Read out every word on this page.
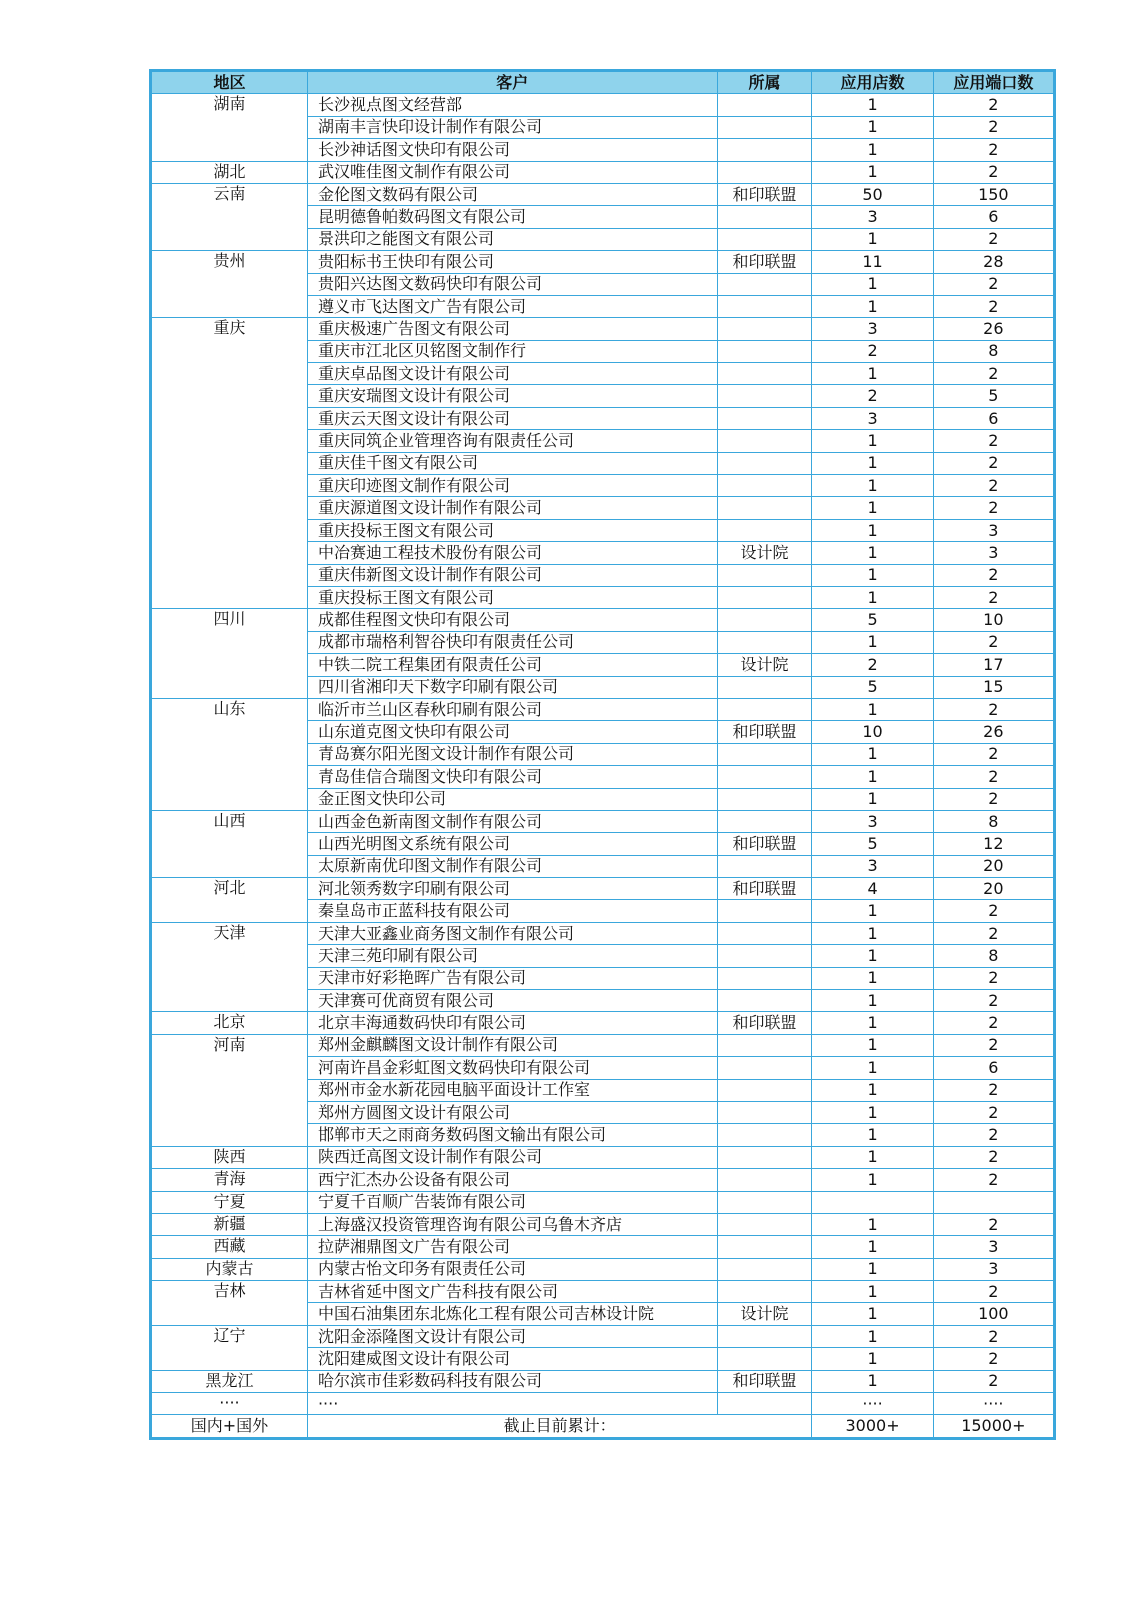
地区	客户	所属	应用店数	应用端口数
湖南	长沙视点图文经营部		1	2
	湖南丰言快印设计制作有限公司		1	2
	长沙神话图文快印有限公司		1	2
湖北	武汉唯佳图文制作有限公司		1	2
云南	金伦图文数码有限公司	和印联盟	50	150
	昆明德鲁帕数码图文有限公司		3	6
	景洪印之能图文有限公司		1	2
贵州	贵阳标书王快印有限公司	和印联盟	11	28
	贵阳兴达图文数码快印有限公司		1	2
	遵义市飞达图文广告有限公司		1	2
重庆	重庆极速广告图文有限公司		3	26
	重庆市江北区贝铭图文制作行		2	8
	重庆卓品图文设计有限公司		1	2
	重庆安瑞图文设计有限公司		2	5
	重庆云天图文设计有限公司		3	6
	重庆同筑企业管理咨询有限责任公司		1	2
	重庆佳千图文有限公司		1	2
	重庆印迹图文制作有限公司		1	2
	重庆源道图文设计制作有限公司		1	2
	重庆投标王图文有限公司		1	3
	中冶赛迪工程技术股份有限公司	设计院	1	3
	重庆伟新图文设计制作有限公司		1	2
	重庆投标王图文有限公司		1	2
四川	成都佳程图文快印有限公司		5	10
	成都市瑞格利智谷快印有限责任公司		1	2
	中铁二院工程集团有限责任公司	设计院	2	17
	四川省湘印天下数字印刷有限公司		5	15
山东	临沂市兰山区春秋印刷有限公司		1	2
	山东道克图文快印有限公司	和印联盟	10	26
	青岛赛尔阳光图文设计制作有限公司		1	2
	青岛佳信合瑞图文快印有限公司		1	2
	金正图文快印公司		1	2
山西	山西金色新南图文制作有限公司		3	8
	山西光明图文系统有限公司	和印联盟	5	12
	太原新南优印图文制作有限公司		3	20
河北	河北领秀数字印刷有限公司	和印联盟	4	20
	秦皇岛市正蓝科技有限公司		1	2
天津	天津大亚鑫业商务图文制作有限公司		1	2
	天津三苑印刷有限公司		1	8
	天津市好彩艳晖广告有限公司		1	2
	天津赛可优商贸有限公司		1	2
北京	北京丰海通数码快印有限公司	和印联盟	1	2
河南	郑州金麒麟图文设计制作有限公司		1	2
	河南许昌金彩虹图文数码快印有限公司		1	6
	郑州市金水新花园电脑平面设计工作室		1	2
	郑州方圆图文设计有限公司		1	2
	邯郸市天之雨商务数码图文输出有限公司		1	2
陕西	陕西迁高图文设计制作有限公司		1	2
青海	西宁汇杰办公设备有限公司		1	2
宁夏	宁夏千百顺广告装饰有限公司			
新疆	上海盛汉投资管理咨询有限公司乌鲁木齐店		1	2
西藏	拉萨湘鼎图文广告有限公司		1	3
内蒙古	内蒙古怡文印务有限责任公司		1	3
吉林	吉林省延中图文广告科技有限公司		1	2
	中国石油集团东北炼化工程有限公司吉林设计院	设计院	1	100
辽宁	沈阳金添隆图文设计有限公司		1	2
	沈阳建威图文设计有限公司		1	2
黑龙江	哈尔滨市佳彩数码科技有限公司	和印联盟	1	2
····	····		····	····
国内+国外	截止目前累计：		3000+	15000+
